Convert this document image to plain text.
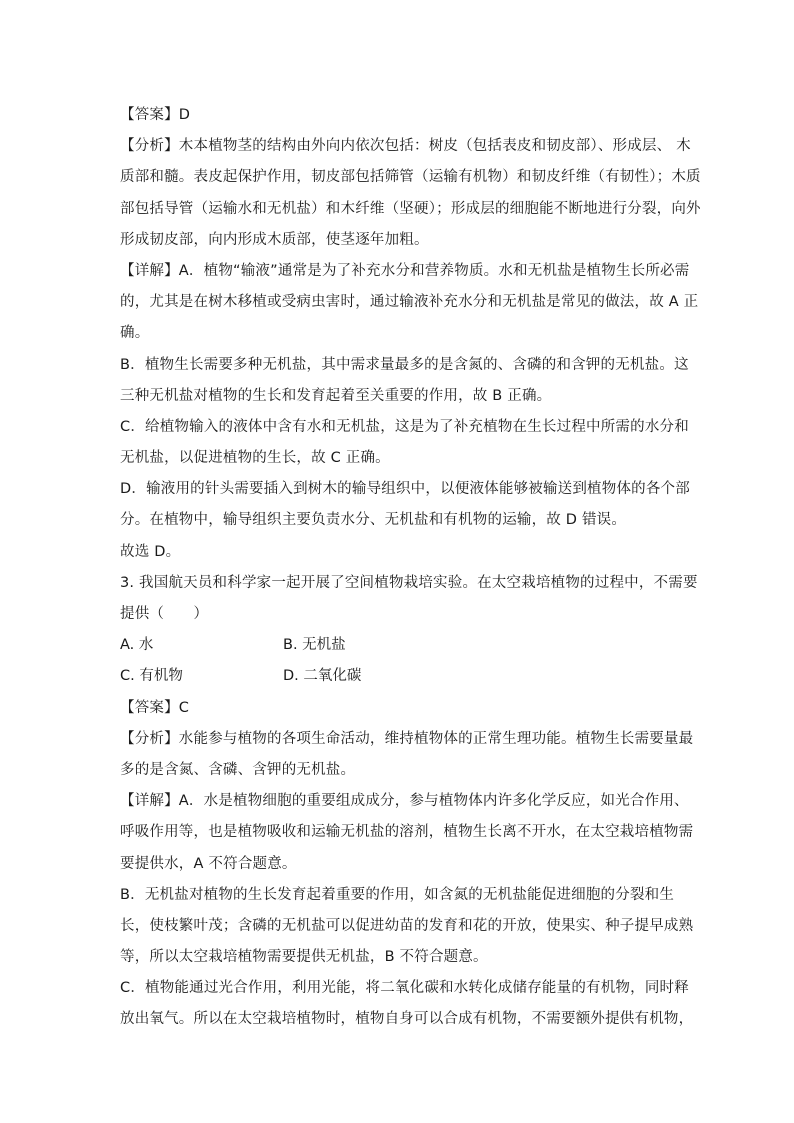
【答案】D
【分析】木本植物茎的结构由外向内依次包括：树皮（包括表皮和韧皮部）、形成层、 木
质部和髓。表皮起保护作用，韧皮部包括筛管（运输有机物）和韧皮纤维（有韧性）；木质
部包括导管（运输水和无机盐）和木纤维（坚硬）；形成层的细胞能不断地进行分裂，向外
形成韧皮部，向内形成木质部，使茎逐年加粗。
【详解】A．植物“输液”通常是为了补充水分和营养物质。水和无机盐是植物生长所必需
的，尤其是在树木移植或受病虫害时，通过输液补充水分和无机盐是常见的做法，故 A 正
确。
B．植物生长需要多种无机盐，其中需求量最多的是含氮的、含磷的和含钾的无机盐。这
三种无机盐对植物的生长和发育起着至关重要的作用，故 B 正确。
C．给植物输入的液体中含有水和无机盐，这是为了补充植物在生长过程中所需的水分和
无机盐，以促进植物的生长，故 C 正确。
D．输液用的针头需要插入到树木的输导组织中，以便液体能够被输送到植物体的各个部
分。在植物中，输导组织主要负责水分、无机盐和有机物的运输，故 D 错误。
故选 D。
3. 我国航天员和科学家一起开展了空间植物栽培实验。在太空栽培植物的过程中，不需要
提供（　　）
A. 水	B. 无机盐
C. 有机物	D. 二氧化碳
【答案】C
【分析】水能参与植物的各项生命活动，维持植物体的正常生理功能。植物生长需要量最
多的是含氮、含磷、含钾的无机盐。
【详解】A．水是植物细胞的重要组成成分，参与植物体内许多化学反应，如光合作用、
呼吸作用等，也是植物吸收和运输无机盐的溶剂，植物生长离不开水，在太空栽培植物需
要提供水，A 不符合题意。
B．无机盐对植物的生长发育起着重要的作用，如含氮的无机盐能促进细胞的分裂和生
长，使枝繁叶茂；含磷的无机盐可以促进幼苗的发育和花的开放，使果实、种子提早成熟
等，所以太空栽培植物需要提供无机盐，B 不符合题意。
C．植物能通过光合作用，利用光能，将二氧化碳和水转化成储存能量的有机物，同时释
放出氧气。所以在太空栽培植物时，植物自身可以合成有机物，不需要额外提供有机物，
